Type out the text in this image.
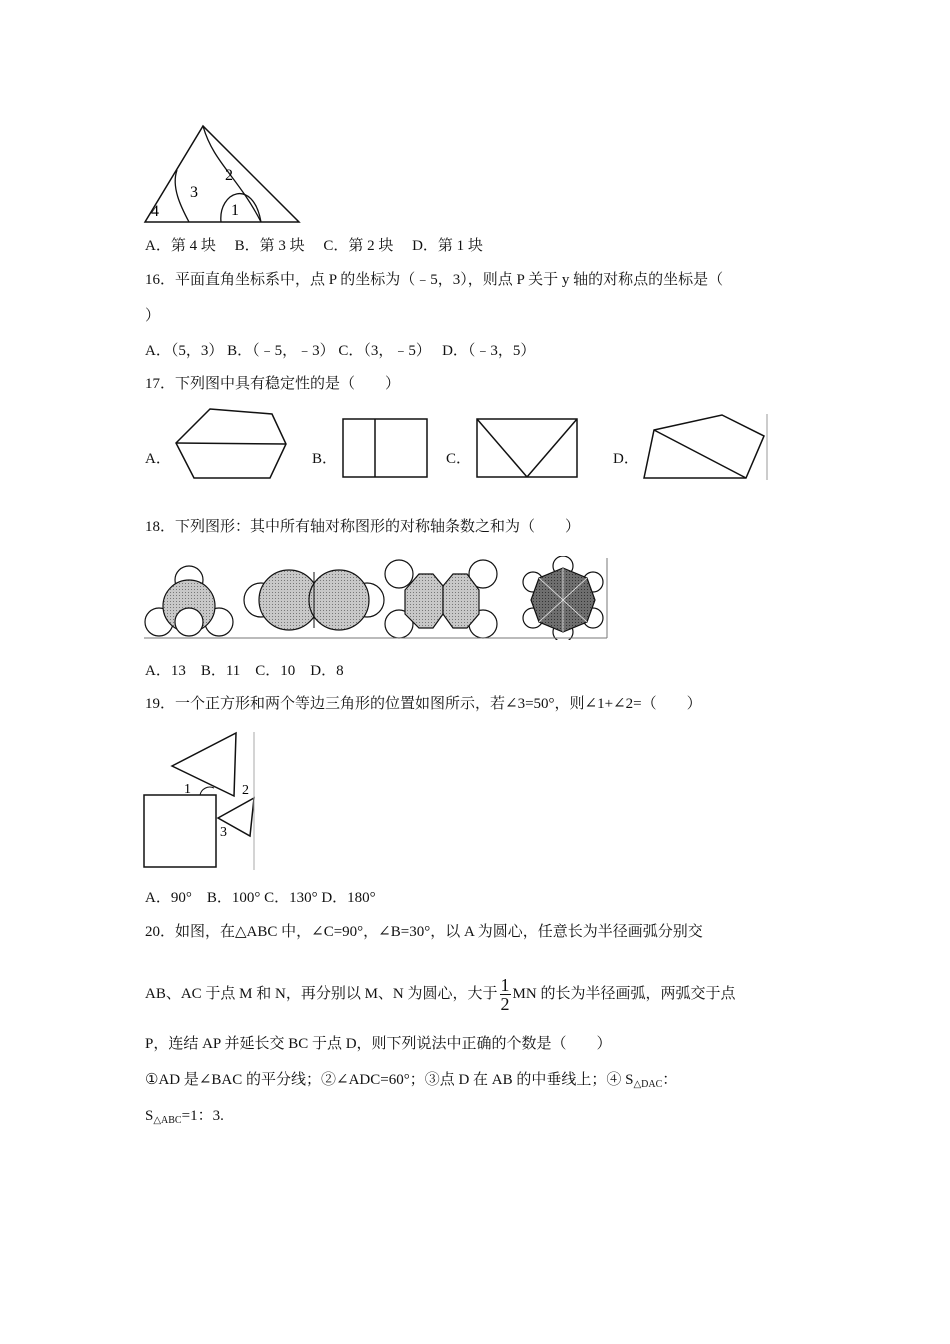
2
3
1
4
A．第 4 块　 B．第 3 块　 C．第 2 块　 D．第 1 块
16．平面直角坐标系中，点 P 的坐标为（﹣5，3），则点 P 关于 y 轴的对称点的坐标是（
）
A．（5，3） B．（﹣5，﹣3） C．（3，﹣5）　 D．（﹣3，5）
17．下列图中具有稳定性的是（　　）
A．	B．	C．	D．
18．下列图形：其中所有轴对称图形的对称轴条数之和为（　　）
A．13　B．11　C．10　D．8
19．一个正方形和两个等边三角形的位置如图所示，若∠3=50°，则∠1+∠2=（　　）
1	2
3
A．90°　B．100° C．130° D．180°
20．如图，在△ABC 中，∠C=90°，∠B=30°，以 A 为圆心，任意长为半径画弧分别交
AB、AC 于点 M 和 N，再分别以 M、N 为圆心，大于 $\frac{1}{2}$ MN 的长为半径画弧，两弧交于点
P，连结 AP 并延长交 BC 于点 D，则下列说法中正确的个数是（　　）
①AD 是∠BAC 的平分线；②∠ADC=60°；③点 D 在 AB 的中垂线上；④ $S_{\triangle DAC}$：
$S_{\triangle ABC}=1$：3.
